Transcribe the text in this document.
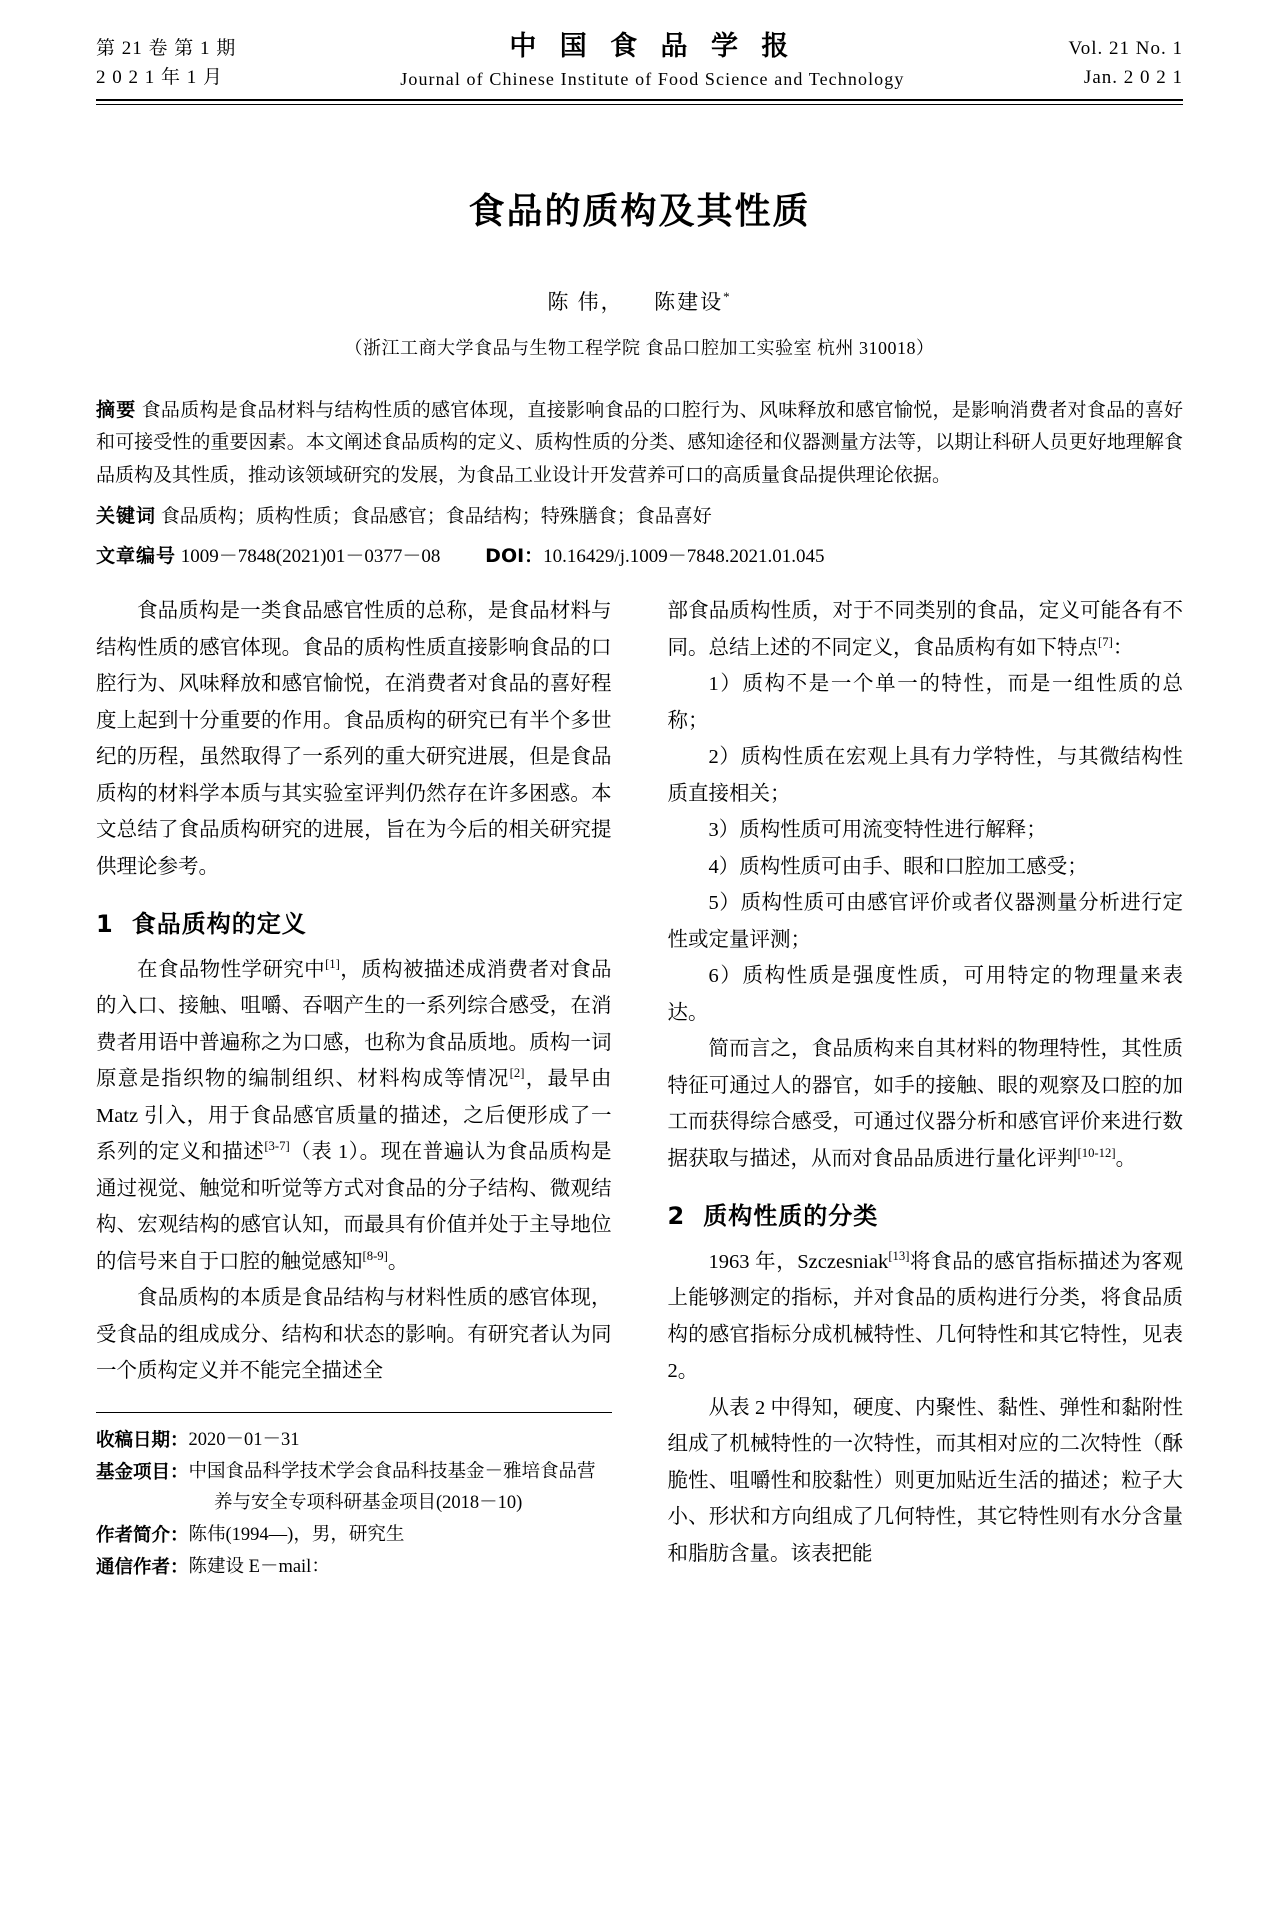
第 21 卷 第 1 期
2 0 2 1 年 1 月
中 国 食 品 学 报
Journal of Chinese Institute of Food Science and Technology
Vol. 21 No. 1
Jan. 2 0 2 1
食品的质构及其性质
陈 伟， 陈建设*
（浙江工商大学食品与生物工程学院 食品口腔加工实验室 杭州 310018）
摘要 食品质构是食品材料与结构性质的感官体现，直接影响食品的口腔行为、风味释放和感官愉悦，是影响消费者对食品的喜好和可接受性的重要因素。本文阐述食品质构的定义、质构性质的分类、感知途径和仪器测量方法等，以期让科研人员更好地理解食品质构及其性质，推动该领域研究的发展，为食品工业设计开发营养可口的高质量食品提供理论依据。
关键词 食品质构；质构性质；食品感官；食品结构；特殊膳食；食品喜好
文章编号 1009－7848(2021)01－0377－08 DOI：10.16429/j.1009－7848.2021.01.045

食品质构是一类食品感官性质的总称，是食品材料与结构性质的感官体现。食品的质构性质直接影响食品的口腔行为、风味释放和感官愉悦，在消费者对食品的喜好程度上起到十分重要的作用。食品质构的研究已有半个多世纪的历程，虽然取得了一系列的重大研究进展，但是食品质构的材料学本质与其实验室评判仍然存在许多困惑。本文总结了食品质构研究的进展，旨在为今后的相关研究提供理论参考。

1 食品质构的定义

在食品物性学研究中[1]，质构被描述成消费者对食品的入口、接触、咀嚼、吞咽产生的一系列综合感受，在消费者用语中普遍称之为口感，也称为食品质地。质构一词原意是指织物的编制组织、材料构成等情况[2]，最早由 Matz 引入，用于食品感官质量的描述，之后便形成了一系列的定义和描述[3-7]（表 1）。现在普遍认为食品质构是通过视觉、触觉和听觉等方式对食品的分子结构、微观结构、宏观结构的感官认知，而最具有价值并处于主导地位的信号来自于口腔的触觉感知[8-9]。

食品质构的本质是食品结构与材料性质的感官体现，受食品的组成成分、结构和状态的影响。有研究者认为同一个质构定义并不能完全描述全

收稿日期： 2020－01－31
基金项目： 中国食品科学技术学会食品科技基金－雅培食品营
养与安全专项科研基金项目(2018－10)
作者简介： 陈伟(1994—)，男，研究生
通信作者： 陈建设 E－mail：

部食品质构性质，对于不同类别的食品，定义可能各有不同。总结上述的不同定义，食品质构有如下特点[7]：

1）质构不是一个单一的特性，而是一组性质的总称；

2）质构性质在宏观上具有力学特性，与其微结构性质直接相关；

3）质构性质可用流变特性进行解释；

4）质构性质可由手、眼和口腔加工感受；

5）质构性质可由感官评价或者仪器测量分析进行定性或定量评测；

6）质构性质是强度性质，可用特定的物理量来表达。

简而言之，食品质构来自其材料的物理特性，其性质特征可通过人的器官，如手的接触、眼的观察及口腔的加工而获得综合感受，可通过仪器分析和感官评价来进行数据获取与描述，从而对食品品质进行量化评判[10-12]。

2 质构性质的分类

1963 年，Szczesniak[13]将食品的感官指标描述为客观上能够测定的指标，并对食品的质构进行分类，将食品质构的感官指标分成机械特性、几何特性和其它特性，见表 2。

从表 2 中得知，硬度、内聚性、黏性、弹性和黏附性组成了机械特性的一次特性，而其相对应的二次特性（酥脆性、咀嚼性和胶黏性）则更加贴近生活的描述；粒子大小、形状和方向组成了几何特性，其它特性则有水分含量和脂肪含量。该表把能
